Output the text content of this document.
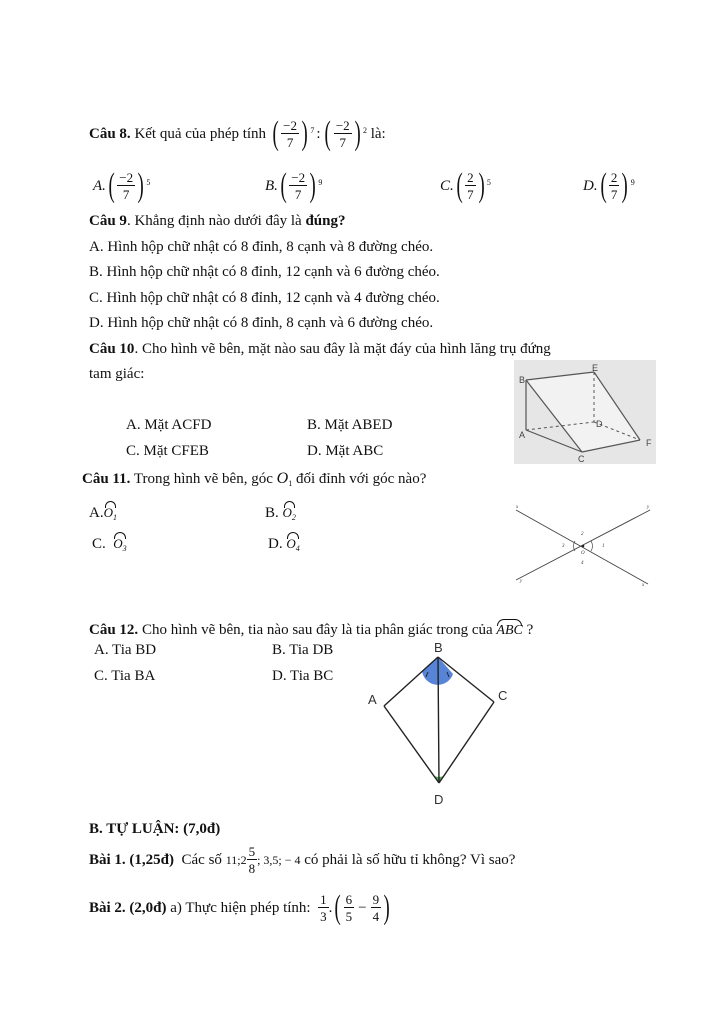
Câu 8.
Kết quả của phép tính
( $\frac{-2}{7}$ ) 7 : ( $\frac{-2}{7}$ ) 2
là:
A. ( $\frac{-2}{7}$ ) 5	B. ( $\frac{-2}{7}$ ) 9	C. ( $\frac{2}{7}$ ) 5	D. ( $\frac{2}{7}$ ) 9
Câu 9. Khẳng định nào dưới đây là đúng?
A. Hình hộp chữ nhật có 8 đỉnh, 8 cạnh và 8 đường chéo.
B. Hình hộp chữ nhật có 8 đỉnh, 12 cạnh và 6 đường chéo.
C. Hình hộp chữ nhật có 8 đỉnh, 12 cạnh và 4 đường chéo.
D. Hình hộp chữ nhật có 8 đỉnh, 8 cạnh và 6 đường chéo.
Câu 10. Cho hình vẽ bên, mặt nào sau đây là mặt đáy của hình lăng trụ đứng
tam giác:
A. Mặt ACFD	B. Mặt ABED
C. Mặt CFEB	D. Mặt ABC
B
E
D
A
F
C
Câu 11. Trong hình vẽ bên, góc $O_1$ đối đỉnh với góc nào?
$A.O_1$	B. $O_2$
C. $O_3$	D. $O_4$
x	y
y
x
2
3	1
O
4
Câu 12. Cho hình vẽ bên, tia nào sau đây là tia phân giác trong của ABC ?
A. Tia BD	B. Tia DB
C. Tia BA	D. Tia BC
B
A	C
D
B. TỰ LUẬN: (7,0đ)
Bài 1. (1,25đ)
Các số
11; $2 \frac{5}{8}$ ; 3,5; − 4
có phải là số hữu tỉ không? Vì sao?
Bài 2. (2,0đ)
a) Thực hiện phép tính:
$\frac{1}{3}$ . ( $\frac{6}{5} - \frac{9}{4}$ )
